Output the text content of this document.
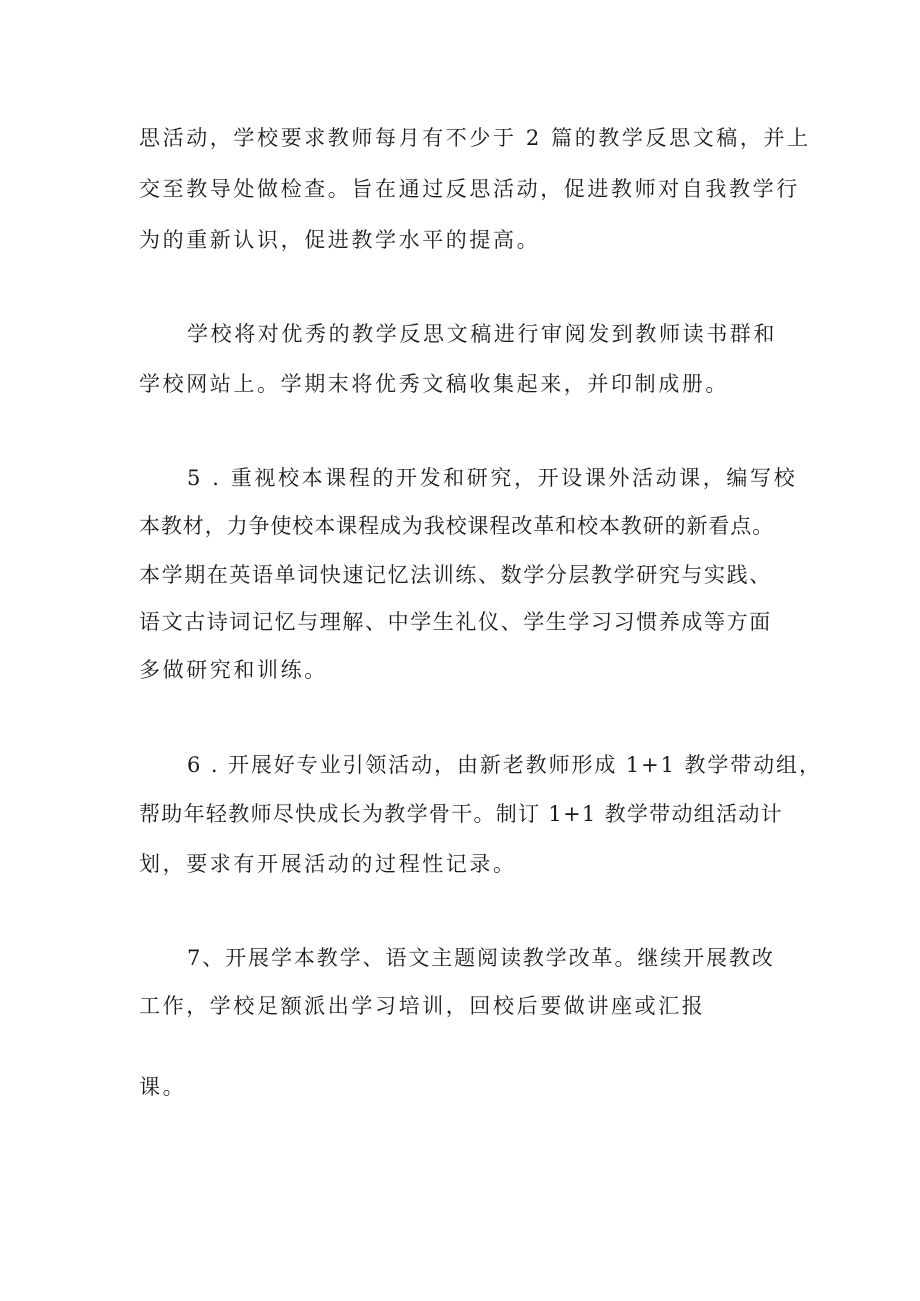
思活动，学校要求教师每月有不少于 2 篇的教学反思文稿，并上
交至教导处做检查。旨在通过反思活动，促进教师对自我教学行
为的重新认识，促进教学水平的提高。
学校将对优秀的教学反思文稿进行审阅发到教师读书群和
学校网站上。学期末将优秀文稿收集起来，并印制成册。
5 . 重视校本课程的开发和研究，开设课外活动课，编写校
本教材，力争使校本课程成为我校课程改革和校本教研的新看点。
本学期在英语单词快速记忆法训练、数学分层教学研究与实践、
语文古诗词记忆与理解、中学生礼仪、学生学习习惯养成等方面
多做研究和训练。
6 . 开展好专业引领活动，由新老教师形成 1+1 教学带动组，
帮助年轻教师尽快成长为教学骨干。制订 1+1 教学带动组活动计
划，要求有开展活动的过程性记录。
7、开展学本教学、语文主题阅读教学改革。继续开展教改
工作，学校足额派出学习培训，回校后要做讲座或汇报
课。
